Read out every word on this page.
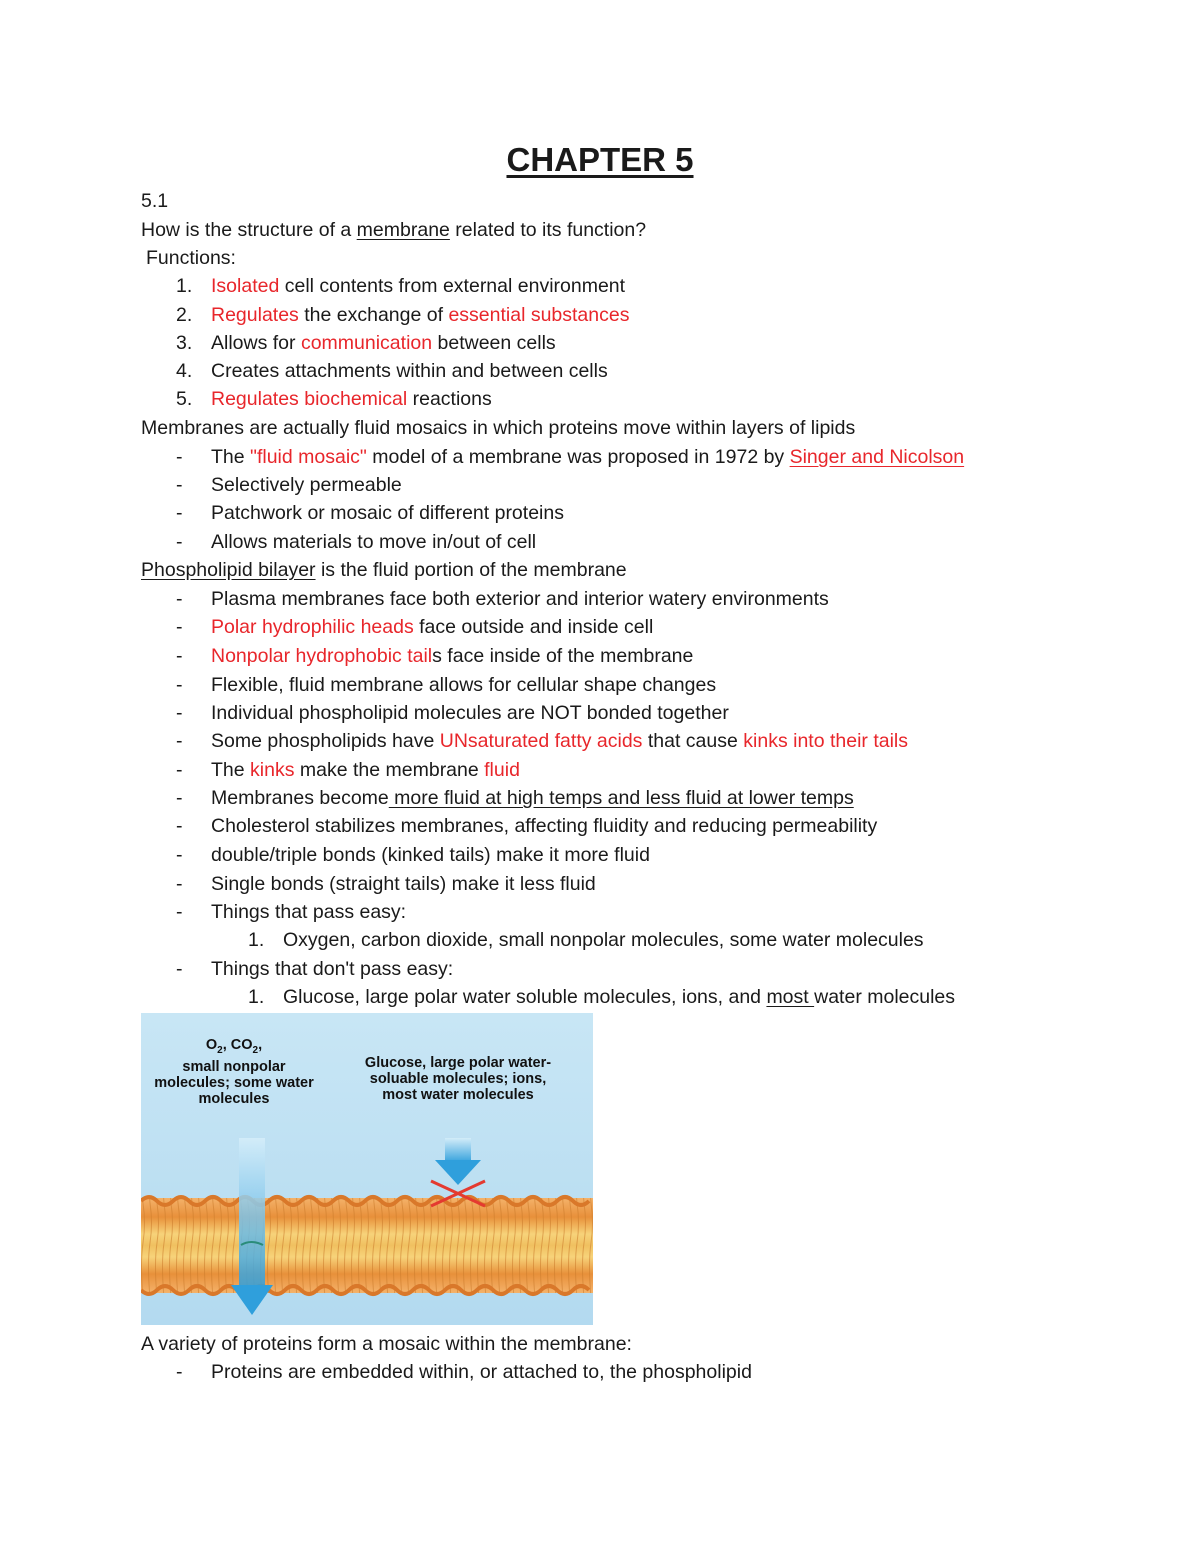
CHAPTER 5
5.1
How is the structure of a membrane related to its function?
Functions:
1. Isolated cell contents from external environment
2. Regulates the exchange of essential substances
3. Allows for communication between cells
4. Creates attachments within and between cells
5. Regulates biochemical reactions
Membranes are actually fluid mosaics in which proteins move within layers of lipids
- The "fluid mosaic" model of a membrane was proposed in 1972 by Singer and Nicolson
- Selectively permeable
- Patchwork or mosaic of different proteins
- Allows materials to move in/out of cell
Phospholipid bilayer is the fluid portion of the membrane
- Plasma membranes face both exterior and interior watery environments
- Polar hydrophilic heads face outside and inside cell
- Nonpolar hydrophobic tails face inside of the membrane
- Flexible, fluid membrane allows for cellular shape changes
- Individual phospholipid molecules are NOT bonded together
- Some phospholipids have UNsaturated fatty acids that cause kinks into their tails
- The kinks make the membrane fluid
- Membranes become more fluid at high temps and less fluid at lower temps
- Cholesterol stabilizes membranes, affecting fluidity and reducing permeability
- double/triple bonds (kinked tails) make it more fluid
- Single bonds (straight tails) make it less fluid
- Things that pass easy:
1. Oxygen, carbon dioxide, small nonpolar molecules, some water molecules
- Things that don't pass easy:
1. Glucose, large polar water soluble molecules, ions, and most water molecules
$O_2$, $CO_2$,
small nonpolar
molecules; some water
molecules
Glucose, large polar water-
soluable molecules; ions,
most water molecules
A variety of proteins form a mosaic within the membrane:
- Proteins are embedded within, or attached to, the phospholipid
